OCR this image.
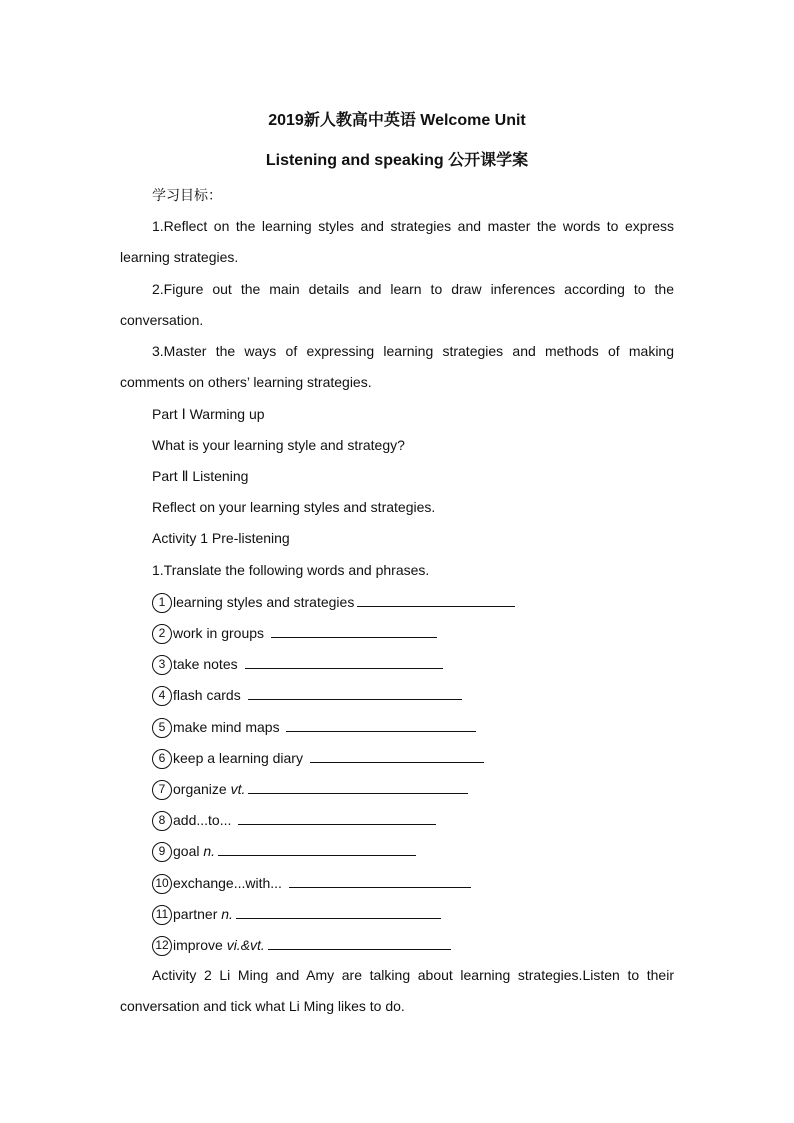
2019新人教高中英语 Welcome Unit
Listening and speaking 公开课学案
学习目标：
1.Reflect on the learning styles and strategies and master the words to express
learning strategies.
2.Figure out the main details and learn to draw inferences according to the
conversation.
3.Master the ways of expressing learning strategies and methods of making
comments on others’ learning strategies.
Part Ⅰ Warming up
What is your learning style and strategy?
Part Ⅱ Listening
Reflect on your learning styles and strategies.
Activity 1 Pre-listening
1.Translate the following words and phrases.
1 learning styles and strategies
2 work in groups
3 take notes
4 flash cards
5 make mind maps
6 keep a learning diary
7 organize vt.
8 add...to...
9 goal n.
10 exchange...with...
11 partner n.
12 improve vi.&vt.
Activity 2 Li Ming and Amy are talking about learning strategies.Listen to their
conversation and tick what Li Ming likes to do.
